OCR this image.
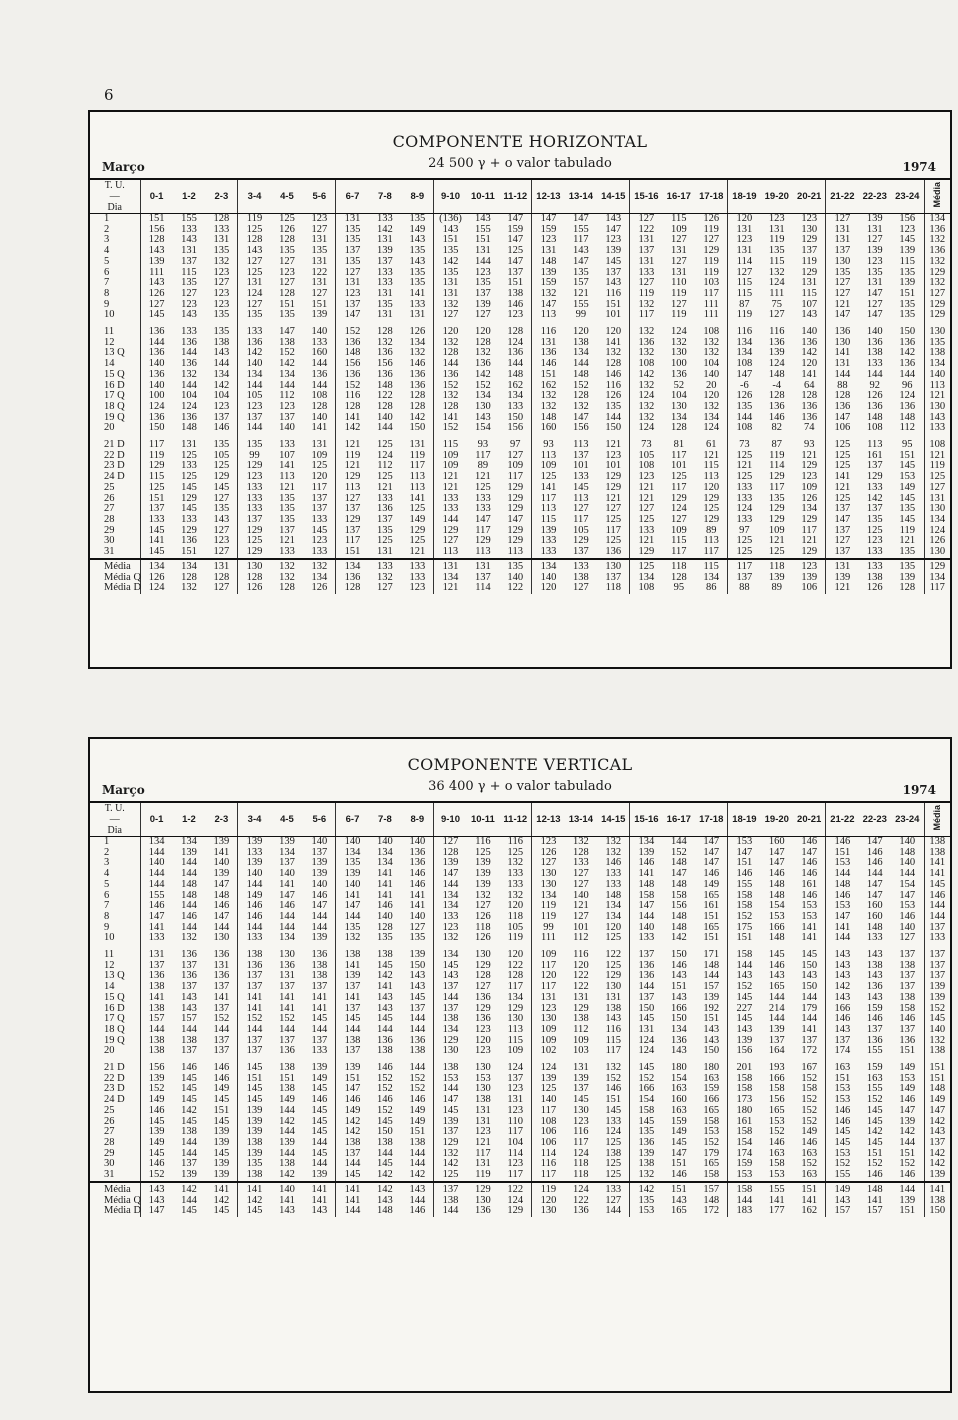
6
COMPONENTE HORIZONTAL
Março	24 500 γ + o valor tabulado	1974
T. U.
—
Dia	0-1	1-2	2-3	3-4	4-5	5-6	6-7	7-8	8-9	9-10	10-11	11-12	12-13	13-14	14-15	15-16	16-17	17-18	18-19	19-20	20-21	21-22	22-23	23-24	Média
1	151	155	128	119	125	123	131	133	135	(136)	143	147	147	147	143	127	115	126	120	123	123	127	139	156	134
2	156	133	133	125	126	127	135	142	149	143	155	159	159	155	147	122	109	119	131	131	130	131	131	123	136
3	128	143	131	128	128	131	135	131	143	151	151	147	123	117	123	131	127	127	123	119	129	131	127	145	132
4	143	131	135	143	135	135	137	139	135	135	131	125	131	143	139	137	131	129	131	135	137	137	139	139	136
5	139	137	132	127	127	131	135	137	143	142	144	147	148	147	145	131	127	119	114	115	119	130	123	115	132
6	111	115	123	125	123	122	127	133	135	135	123	137	139	135	137	133	131	119	127	132	129	135	135	135	129
7	143	135	127	131	127	131	131	133	135	131	135	151	159	157	143	127	110	103	115	124	131	127	131	139	132
8	126	127	123	124	128	127	123	131	141	131	137	138	132	121	116	119	119	117	115	111	115	127	147	151	127
9	127	123	123	127	151	151	137	135	133	132	139	146	147	155	151	132	127	111	87	75	107	121	127	135	129
10	145	143	135	135	135	139	147	131	131	127	127	123	113	99	101	117	119	111	119	127	143	147	147	135	129

11	136	133	135	133	147	140	152	128	126	120	120	128	116	120	120	132	124	108	116	116	140	136	140	150	130
12	144	136	138	136	138	133	136	132	134	132	128	124	131	138	141	136	132	132	134	136	136	130	136	136	135
13 Q	136	144	143	142	152	160	148	136	132	128	132	136	136	134	132	132	130	132	134	139	142	141	138	142	138
14	140	136	144	140	142	144	156	156	146	144	136	144	146	144	128	108	100	104	108	124	120	131	133	136	134
15 Q	136	132	134	134	134	136	136	136	136	136	142	148	151	148	146	142	136	140	147	148	141	144	144	144	140
16 D	140	144	142	144	144	144	152	148	136	152	152	162	162	152	116	132	52	20	-6	-4	64	88	92	96	113
17 Q	100	104	104	105	112	108	116	122	128	132	134	134	132	128	126	124	104	120	126	128	128	128	126	124	121
18 Q	124	124	123	123	123	128	128	128	128	128	130	133	132	132	135	132	130	132	135	136	136	136	136	136	130
19 Q	136	136	137	137	137	140	141	140	142	141	143	150	148	147	144	132	134	134	144	146	136	147	148	148	143
20	150	148	146	144	140	141	142	144	150	152	154	156	160	156	150	124	128	124	108	82	74	106	108	112	133

21 D	117	131	135	135	133	131	121	125	131	115	93	97	93	113	121	73	81	61	73	87	93	125	113	95	108
22 D	119	125	105	99	107	109	119	124	119	109	117	127	113	137	123	105	117	121	125	119	121	125	161	151	121
23 D	129	133	125	129	141	125	121	112	117	109	89	109	109	101	101	108	101	115	121	114	129	125	137	145	119
24 D	115	125	129	123	113	120	129	125	113	121	121	117	125	133	129	123	125	113	125	129	123	141	129	153	125
25	125	145	145	133	121	117	113	121	113	121	125	129	141	145	129	121	117	120	133	117	109	121	133	149	127
26	151	129	127	133	135	137	127	133	141	133	133	129	117	113	121	121	129	129	133	135	126	125	142	145	131
27	137	145	135	133	135	137	137	136	125	133	133	129	113	127	127	127	124	125	124	129	134	137	137	135	130
28	133	133	143	137	135	133	129	137	149	144	147	147	115	117	125	125	127	129	133	129	129	147	135	145	134
29	145	129	127	129	137	145	137	135	129	129	117	129	139	105	117	133	109	89	97	109	117	137	125	119	124
30	141	136	123	125	121	123	117	125	125	127	129	129	133	129	125	121	115	113	125	121	121	127	123	121	126
31	145	151	127	129	133	133	151	131	121	113	113	113	133	137	136	129	117	117	125	125	129	137	133	135	130
Média	134	134	131	130	132	132	134	133	133	131	131	135	134	133	130	125	118	115	117	118	123	131	133	135	129
Média Q	126	128	128	128	132	134	136	132	133	134	137	140	140	138	137	134	128	134	137	139	139	139	138	139	134
Média D	124	132	127	126	128	126	128	127	123	121	114	122	120	127	118	108	95	86	88	89	106	121	126	128	117
COMPONENTE VERTICAL
Março	36 400 γ + o valor tabulado	1974
T. U.
—
Dia	0-1	1-2	2-3	3-4	4-5	5-6	6-7	7-8	8-9	9-10	10-11	11-12	12-13	13-14	14-15	15-16	16-17	17-18	18-19	19-20	20-21	21-22	22-23	23-24	Média
1	134	134	139	139	139	140	140	140	140	127	116	116	123	132	132	134	144	147	153	160	146	146	147	140	138
2	144	139	141	133	134	137	134	134	136	128	125	125	126	128	132	139	152	147	147	147	147	151	146	148	138
3	140	144	140	139	137	139	135	134	136	139	139	132	127	133	146	146	148	147	151	147	146	153	146	140	141
4	144	144	139	140	140	139	139	141	146	147	139	133	130	127	133	141	147	146	146	146	146	144	144	144	141
5	144	148	147	144	141	140	140	141	146	144	139	133	130	127	133	148	148	149	155	148	161	148	147	154	145
6	155	148	148	149	147	146	141	141	141	134	132	132	134	140	148	158	158	165	158	148	146	146	147	147	146
7	146	144	146	146	146	147	147	146	141	134	127	120	119	121	134	147	156	161	158	154	153	153	160	153	144
8	147	146	147	146	144	144	144	140	140	133	126	118	119	127	134	144	148	151	152	153	153	147	160	146	144
9	141	144	144	144	144	144	135	128	127	123	118	105	99	101	120	140	148	165	175	166	141	141	148	140	137
10	133	132	130	133	134	139	132	135	135	132	126	119	111	112	125	133	142	151	151	148	141	144	133	127	133

11	131	136	136	138	130	136	138	138	139	134	130	120	109	116	122	137	150	171	158	145	145	143	143	137	137
12	137	137	131	136	136	138	141	145	150	145	129	122	117	120	125	136	146	148	144	146	150	143	138	138	137
13 Q	136	136	136	137	131	138	139	142	143	143	128	128	120	122	129	136	143	144	143	143	143	143	143	137	137
14	138	137	137	137	137	137	137	141	143	137	127	117	117	122	130	144	151	157	152	165	150	142	136	137	139
15 Q	141	143	141	141	141	141	141	143	145	144	136	134	131	131	131	137	143	139	145	144	144	143	143	138	139
16 D	138	143	137	141	141	141	137	143	137	137	129	129	123	129	138	150	166	192	227	214	179	166	159	158	152
17 Q	157	157	152	152	152	145	145	145	144	138	136	130	130	138	143	145	150	151	145	144	144	146	146	146	145
18 Q	144	144	144	144	144	144	144	144	144	134	123	113	109	112	116	131	134	143	143	139	141	143	137	137	140
19 Q	138	138	137	137	137	137	138	136	136	129	120	115	109	109	115	124	136	143	139	137	137	137	136	136	132
20	138	137	137	137	136	133	137	138	138	130	123	109	102	103	117	124	143	150	156	164	172	174	155	151	138

21 D	156	146	146	145	138	139	139	146	144	138	130	124	124	131	132	145	180	180	201	193	167	163	159	149	151
22 D	139	145	146	151	151	149	151	152	152	153	153	137	139	139	152	152	154	163	158	166	152	151	163	153	151
23 D	152	145	149	145	138	145	147	152	152	144	130	123	125	137	146	166	163	159	158	158	158	153	155	149	148
24 D	149	145	145	145	149	146	146	146	146	147	138	131	140	145	151	154	160	166	173	156	152	153	152	146	149
25	146	142	151	139	144	145	149	152	149	145	131	123	117	130	145	158	163	165	180	165	152	146	145	147	147
26	145	145	145	139	142	145	142	145	149	139	131	110	108	123	133	145	159	158	161	153	152	146	145	139	142
27	139	138	139	139	144	145	142	150	151	137	123	117	106	116	124	135	149	153	158	152	149	145	142	142	143
28	149	144	139	138	139	144	138	138	138	129	121	104	106	117	125	136	145	152	154	146	146	145	145	144	137
29	145	144	145	139	144	145	137	144	144	132	117	114	114	124	138	139	147	179	174	163	163	153	151	151	142
30	146	137	139	135	138	144	144	145	144	142	131	123	116	118	125	138	151	165	159	158	152	152	152	152	142
31	152	139	139	138	142	139	145	142	142	125	119	117	117	118	125	132	146	158	153	153	163	155	146	146	139
Média	143	142	141	141	140	141	141	142	143	137	129	122	119	124	133	142	151	157	158	155	151	149	148	144	141
Média Q	143	144	142	142	141	141	141	143	144	138	130	124	120	122	127	135	143	148	144	141	141	143	141	139	138
Média D	147	145	145	145	143	143	144	148	146	144	136	129	130	136	144	153	165	172	183	177	162	157	157	151	150
